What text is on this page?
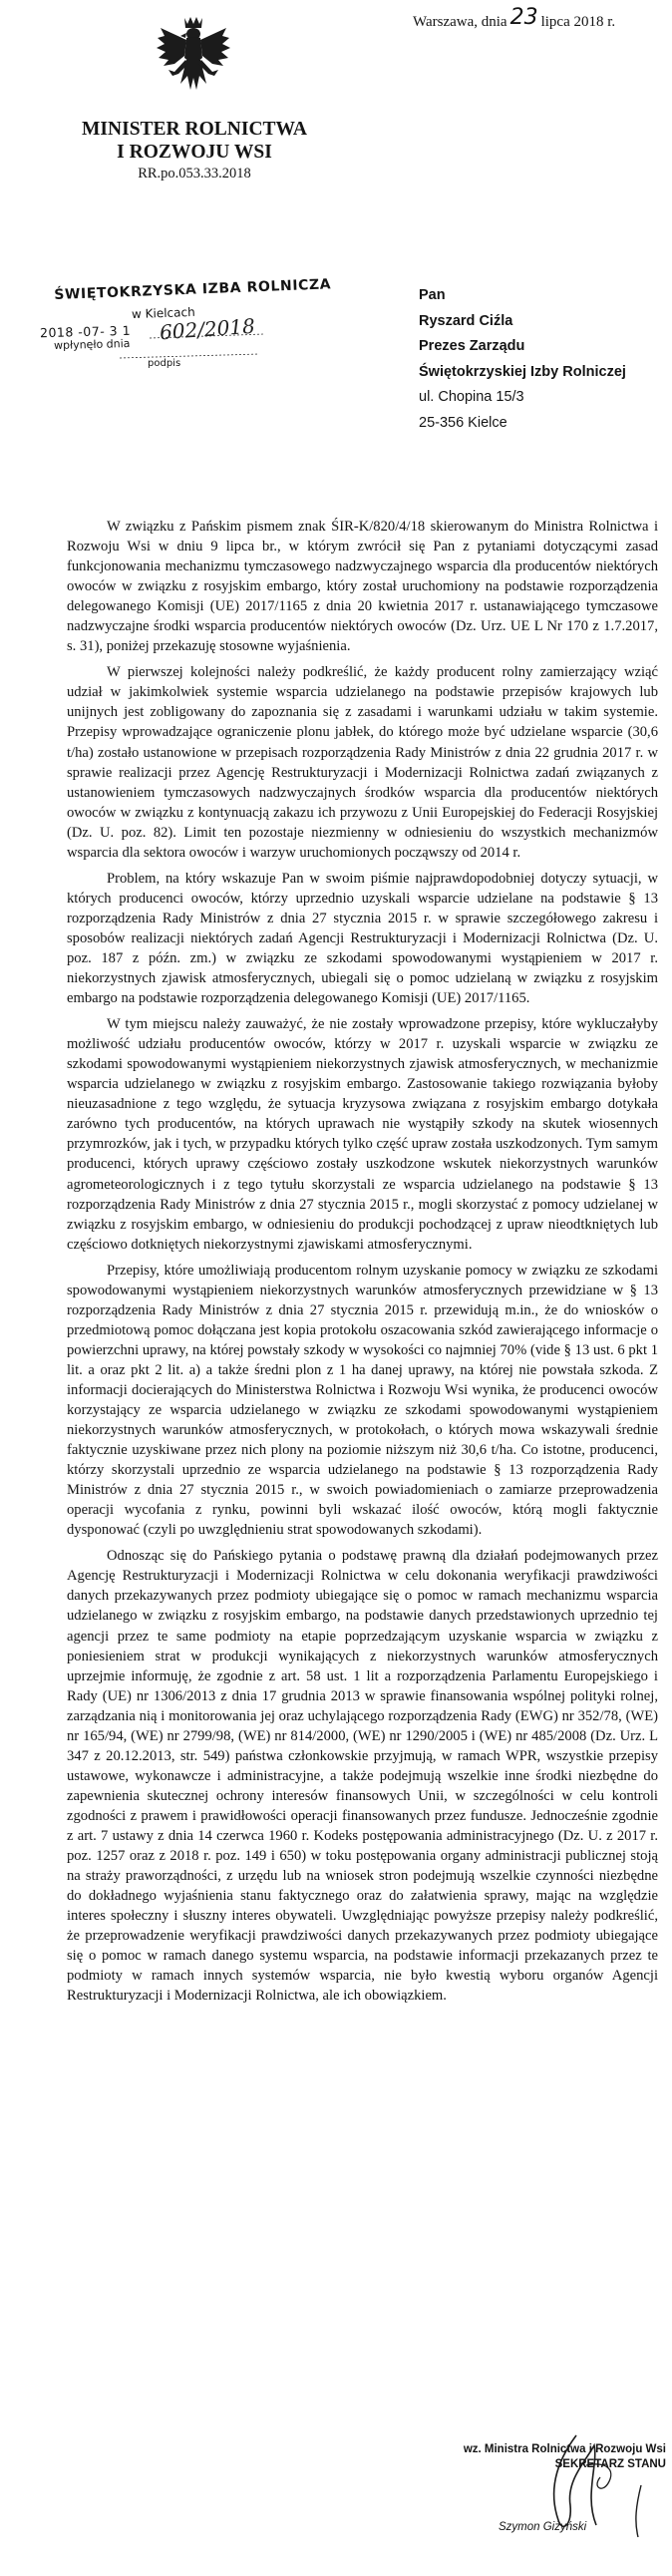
MINISTER ROLNICTWA
I ROZWOJU WSI
RR.po.053.33.2018
Warszawa, dnia 23 lipca 2018 r.
ŚWIĘTOKRZYSKA IZBA ROLNICZA
w Kielcach
2018 -07- 3 1
wpłynęło dnia
podpis
602/2018
Pan
Ryszard Ciźla
Prezes Zarządu
Świętokrzyskiej Izby Rolniczej
ul. Chopina 15/3
25-356 Kielce

W związku z Pańskim pismem znak ŚIR-K/820/4/18 skierowanym do Ministra Rolnictwa i Rozwoju Wsi w dniu 9 lipca br., w którym zwrócił się Pan z pytaniami dotyczącymi zasad funkcjonowania mechanizmu tymczasowego nadzwyczajnego wsparcia dla producentów niektórych owoców w związku z rosyjskim embargo, który został uruchomiony na podstawie rozporządzenia delegowanego Komisji (UE) 2017/1165 z dnia 20 kwietnia 2017 r. ustanawiającego tymczasowe nadzwyczajne środki wsparcia producentów niektórych owoców (Dz. Urz. UE L Nr 170 z 1.7.2017, s. 31), poniżej przekazuję stosowne wyjaśnienia.

W pierwszej kolejności należy podkreślić, że każdy producent rolny zamierzający wziąć udział w jakimkolwiek systemie wsparcia udzielanego na podstawie przepisów krajowych lub unijnych jest zobligowany do zapoznania się z zasadami i warunkami udziału w takim systemie. Przepisy wprowadzające ograniczenie plonu jabłek, do którego może być udzielane wsparcie (30,6 t/ha) zostało ustanowione w przepisach rozporządzenia Rady Ministrów z dnia 22 grudnia 2017 r. w sprawie realizacji przez Agencję Restrukturyzacji i Modernizacji Rolnictwa zadań związanych z ustanowieniem tymczasowych nadzwyczajnych środków wsparcia dla producentów niektórych owoców w związku z kontynuacją zakazu ich przywozu z Unii Europejskiej do Federacji Rosyjskiej (Dz. U. poz. 82). Limit ten pozostaje niezmienny w odniesieniu do wszystkich mechanizmów wsparcia dla sektora owoców i warzyw uruchomionych począwszy od 2014 r.

Problem, na który wskazuje Pan w swoim piśmie najprawdopodobniej dotyczy sytuacji, w których producenci owoców, którzy uprzednio uzyskali wsparcie udzielane na podstawie § 13 rozporządzenia Rady Ministrów z dnia 27 stycznia 2015 r. w sprawie szczegółowego zakresu i sposobów realizacji niektórych zadań Agencji Restrukturyzacji i Modernizacji Rolnictwa (Dz. U. poz. 187 z późn. zm.) w związku ze szkodami spowodowanymi wystąpieniem w 2017 r. niekorzystnych zjawisk atmosferycznych, ubiegali się o pomoc udzielaną w związku z rosyjskim embargo na podstawie rozporządzenia delegowanego Komisji (UE) 2017/1165.

W tym miejscu należy zauważyć, że nie zostały wprowadzone przepisy, które wykluczałyby możliwość udziału producentów owoców, którzy w 2017 r. uzyskali wsparcie w związku ze szkodami spowodowanymi wystąpieniem niekorzystnych zjawisk atmosferycznych, w mechanizmie wsparcia udzielanego w związku z rosyjskim embargo. Zastosowanie takiego rozwiązania byłoby nieuzasadnione z tego względu, że sytuacja kryzysowa związana z rosyjskim embargo dotykała zarówno tych producentów, na których uprawach nie wystąpiły szkody na skutek wiosennych przymrozków, jak i tych, w przypadku których tylko część upraw została uszkodzonych. Tym samym producenci, których uprawy częściowo zostały uszkodzone wskutek niekorzystnych warunków agrometeorologicznych i z tego tytułu skorzystali ze wsparcia udzielanego na podstawie § 13 rozporządzenia Rady Ministrów z dnia 27 stycznia 2015 r., mogli skorzystać z pomocy udzielanej w związku z rosyjskim embargo, w odniesieniu do produkcji pochodzącej z upraw nieodtkniętych lub częściowo dotkniętych niekorzystnymi zjawiskami atmosferycznymi.

Przepisy, które umożliwiają producentom rolnym uzyskanie pomocy w związku ze szkodami spowodowanymi wystąpieniem niekorzystnych warunków atmosferycznych przewidziane w § 13 rozporządzenia Rady Ministrów z dnia 27 stycznia 2015 r. przewidują m.in., że do wniosków o przedmiotową pomoc dołączana jest kopia protokołu oszacowania szkód zawierającego informacje o powierzchni uprawy, na której powstały szkody w wysokości co najmniej 70% (vide § 13 ust. 6 pkt 1 lit. a oraz pkt 2 lit. a) a także średni plon z 1 ha danej uprawy, na której nie powstała szkoda. Z informacji docierających do Ministerstwa Rolnictwa i Rozwoju Wsi wynika, że producenci owoców korzystający ze wsparcia udzielanego w związku ze szkodami spowodowanymi wystąpieniem niekorzystnych warunków atmosferycznych, w protokołach, o których mowa wskazywali średnie faktycznie uzyskiwane przez nich plony na poziomie niższym niż 30,6 t/ha. Co istotne, producenci, którzy skorzystali uprzednio ze wsparcia udzielanego na podstawie § 13 rozporządzenia Rady Ministrów z dnia 27 stycznia 2015 r., w swoich powiadomieniach o zamiarze przeprowadzenia operacji wycofania z rynku, powinni byli wskazać ilość owoców, którą mogli faktycznie dysponować (czyli po uwzględnieniu strat spowodowanych szkodami).

Odnosząc się do Pańskiego pytania o podstawę prawną dla działań podejmowanych przez Agencję Restrukturyzacji i Modernizacji Rolnictwa w celu dokonania weryfikacji prawdziwości danych przekazywanych przez podmioty ubiegające się o pomoc w ramach mechanizmu wsparcia udzielanego w związku z rosyjskim embargo, na podstawie danych przedstawionych uprzednio tej agencji przez te same podmioty na etapie poprzedzającym uzyskanie wsparcia w związku z poniesieniem strat w produkcji wynikających z niekorzystnych warunków atmosferycznych uprzejmie informuję, że zgodnie z art. 58 ust. 1 lit a rozporządzenia Parlamentu Europejskiego i Rady (UE) nr 1306/2013 z dnia 17 grudnia 2013 w sprawie finansowania wspólnej polityki rolnej, zarządzania nią i monitorowania jej oraz uchylającego rozporządzenia Rady (EWG) nr 352/78, (WE) nr 165/94, (WE) nr 2799/98, (WE) nr 814/2000, (WE) nr 1290/2005 i (WE) nr 485/2008 (Dz. Urz. L 347 z 20.12.2013, str. 549) państwa członkowskie przyjmują, w ramach WPR, wszystkie przepisy ustawowe, wykonawcze i administracyjne, a także podejmują wszelkie inne środki niezbędne do zapewnienia skutecznej ochrony interesów finansowych Unii, w szczególności w celu kontroli zgodności z prawem i prawidłowości operacji finansowanych przez fundusze. Jednocześnie zgodnie z art. 7 ustawy z dnia 14 czerwca 1960 r. Kodeks postępowania administracyjnego (Dz. U. z 2017 r. poz. 1257 oraz z 2018 r. poz. 149 i 650) w toku postępowania organy administracji publicznej stoją na straży praworządności, z urzędu lub na wniosek stron podejmują wszelkie czynności niezbędne do dokładnego wyjaśnienia stanu faktycznego oraz do załatwienia sprawy, mając na względzie interes społeczny i słuszny interes obywateli. Uwzględniając powyższe przepisy należy podkreślić, że przeprowadzenie weryfikacji prawdziwości danych przekazywanych przez podmioty ubiegające się o pomoc w ramach danego systemu wsparcia, na podstawie informacji przekazanych przez te podmioty w ramach innych systemów wsparcia, nie było kwestią wyboru organów Agencji Restrukturyzacji i Modernizacji Rolnictwa, ale ich obowiązkiem.

wz. Ministra Rolnictwa i Rozwoju Wsi
SEKRETARZ STANU
Szymon Giżyński
